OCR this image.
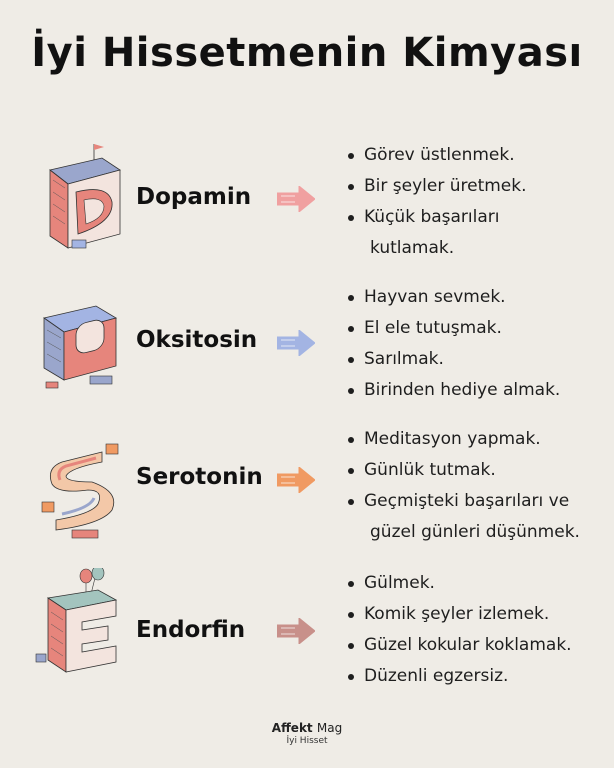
İyi Hissetmenin Kimyası
Dopamin
Görev üstlenmek.
Bir şeyler üretmek.
Küçük başarıları
kutlamak.
Oksitosin
Hayvan sevmek.
El ele tutuşmak.
Sarılmak.
Birinden hediye almak.
Serotonin
Meditasyon yapmak.
Günlük tutmak.
Geçmişteki başarıları ve
güzel günleri düşünmek.
Endorfin
Gülmek.
Komik şeyler izlemek.
Güzel kokular koklamak.
Düzenli egzersiz.
Affekt Mag
İyi Hisset
